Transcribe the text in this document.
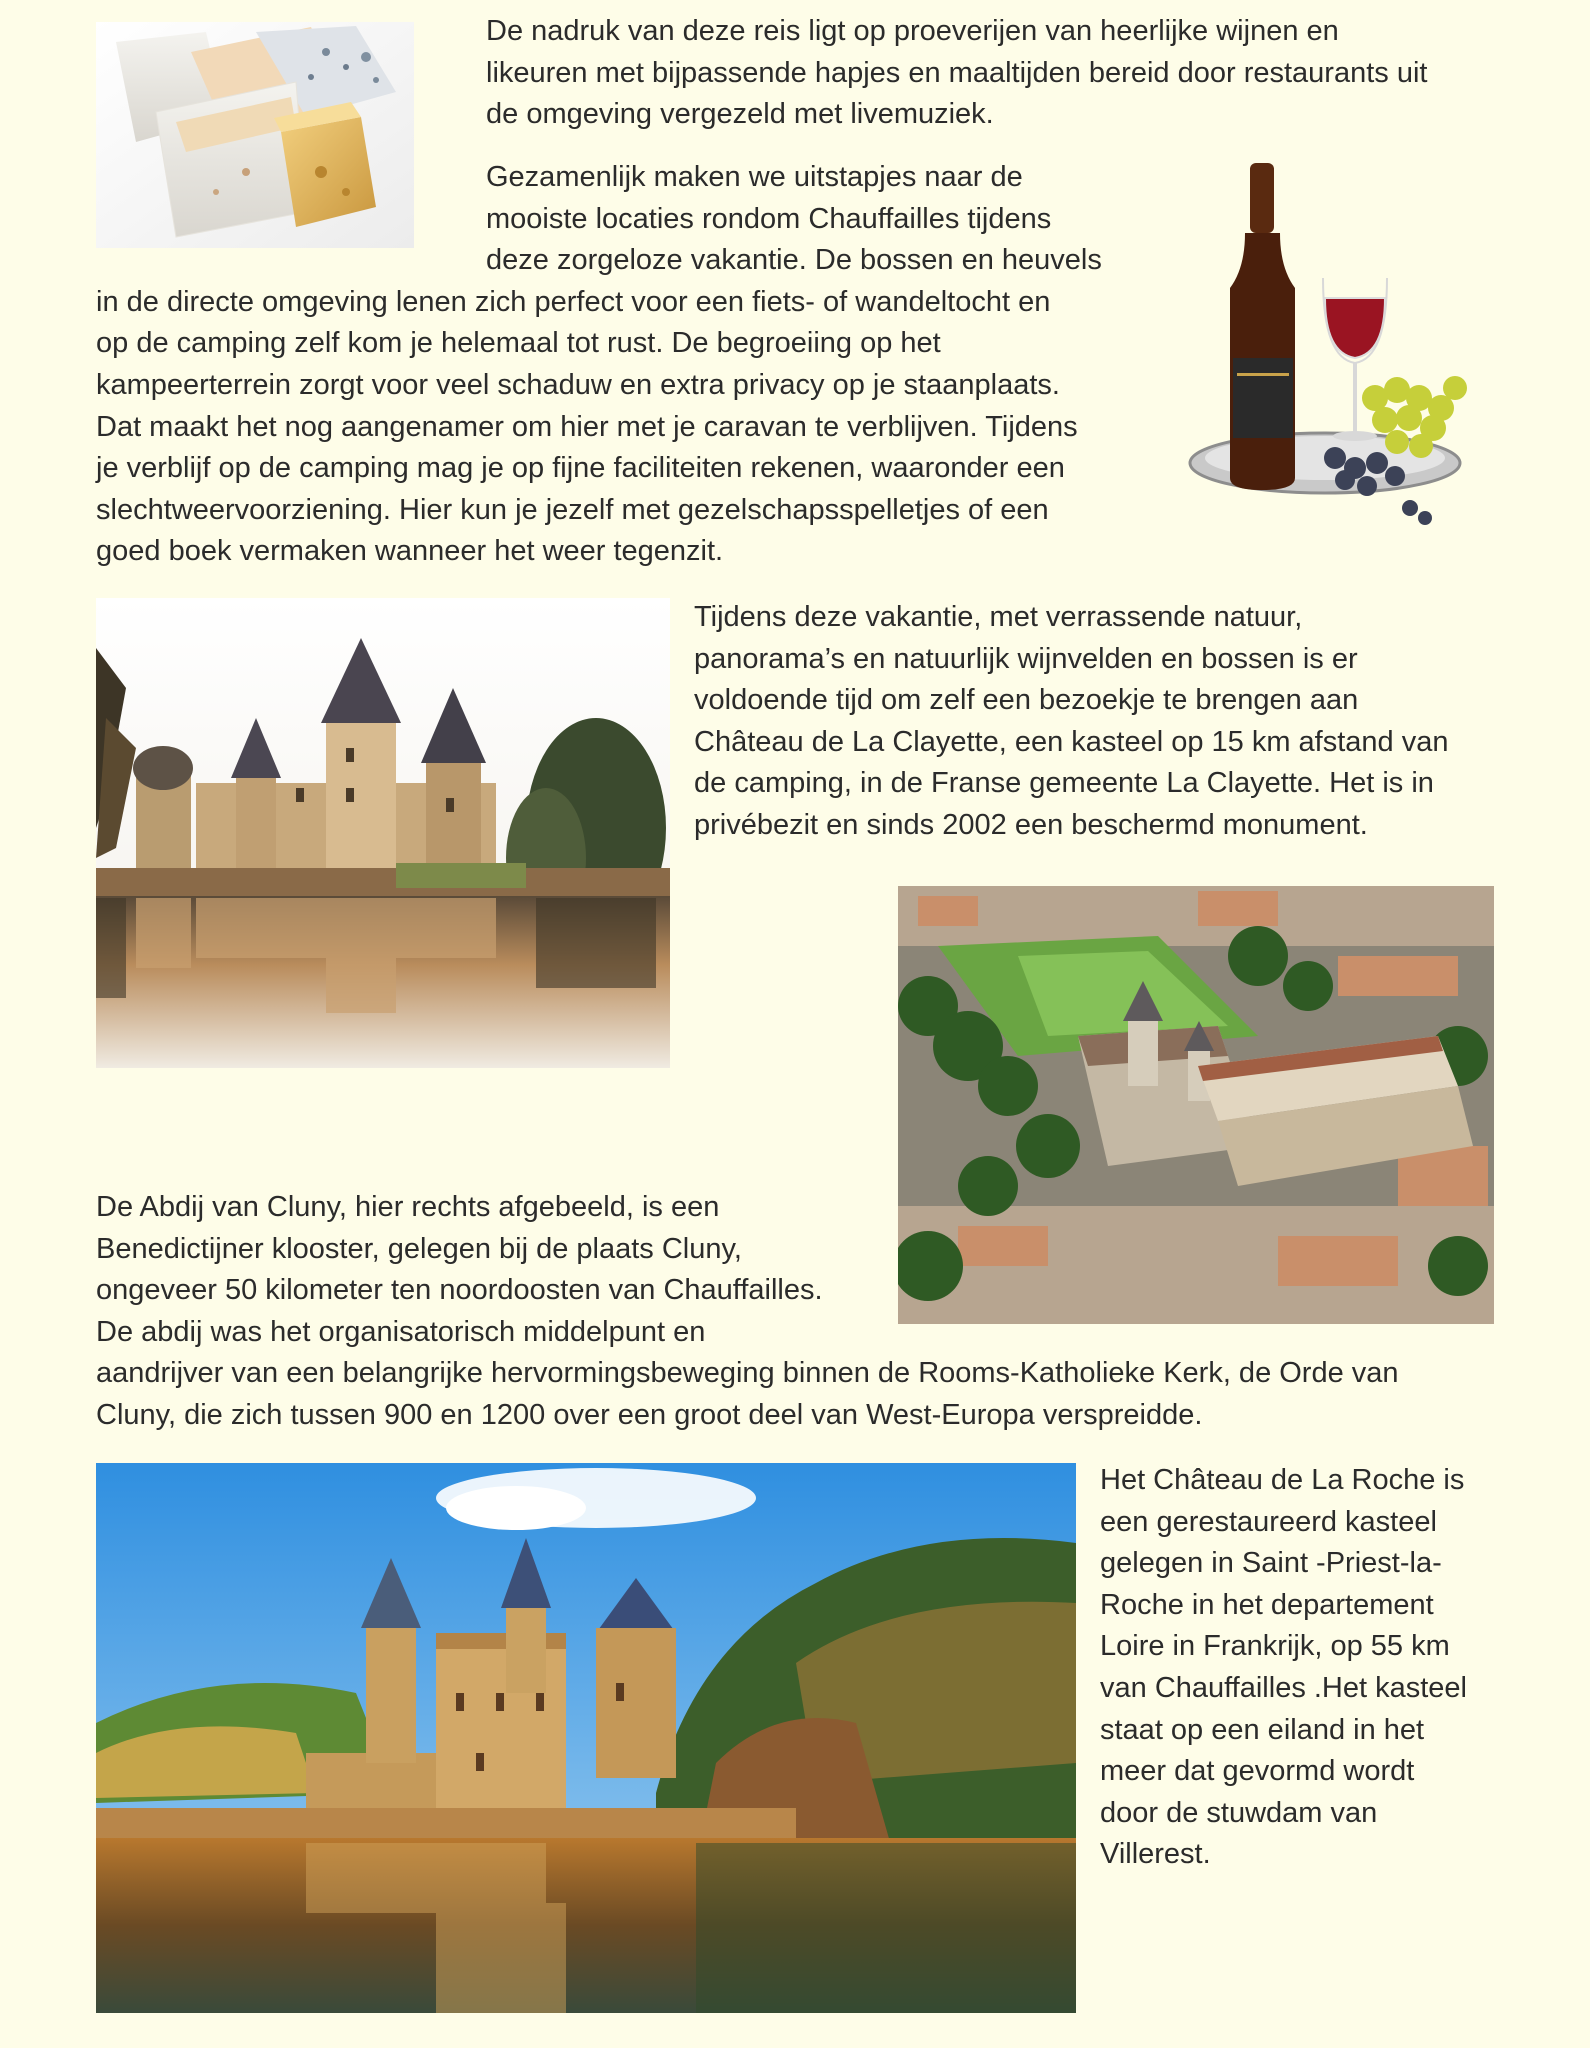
De nadruk van deze reis ligt op proeverijen van heerlijke wijnen en
likeuren met bijpassende hapjes en maaltijden bereid door restaurants uit
de omgeving vergezeld met livemuziek.

Gezamenlijk maken we uitstapjes naar de
mooiste locaties rondom Chauffailles tijdens
deze zorgeloze vakantie. De bossen en heuvels
in de directe omgeving lenen zich perfect voor een fiets- of wandeltocht en
op de camping zelf kom je helemaal tot rust. De begroeiing op het
kampeerterrein zorgt voor veel schaduw en extra privacy op je staanplaats.
Dat maakt het nog aangenamer om hier met je caravan te verblijven. Tijdens
je verblijf op de camping mag je op fijne faciliteiten rekenen, waaronder een
slechtweervoorziening. Hier kun je jezelf met gezelschapsspelletjes of een
goed boek vermaken wanneer het weer tegenzit.

Tijdens deze vakantie, met verrassende natuur,
panorama’s en natuurlijk wijnvelden en bossen is er
voldoende tijd om zelf een bezoekje te brengen aan
Château de La Clayette, een kasteel op 15 km afstand van
de camping, in de Franse gemeente La Clayette. Het is in
privébezit en sinds 2002 een beschermd monument.

De Abdij van Cluny, hier rechts afgebeeld, is een
Benedictijner klooster, gelegen bij de plaats Cluny,
ongeveer 50 kilometer ten noordoosten van Chauffailles.
De abdij was het organisatorisch middelpunt en
aandrijver van een belangrijke hervormingsbeweging binnen de Rooms-Katholieke Kerk, de Orde van
Cluny, die zich tussen 900 en 1200 over een groot deel van West-Europa verspreidde.

Het Château de La Roche is
een gerestaureerd kasteel
gelegen in Saint -Priest-la-
Roche in het departement
Loire in Frankrijk, op 55 km
van Chauffailles .Het kasteel
staat op een eiland in het
meer dat gevormd wordt
door de stuwdam van
Villerest.
